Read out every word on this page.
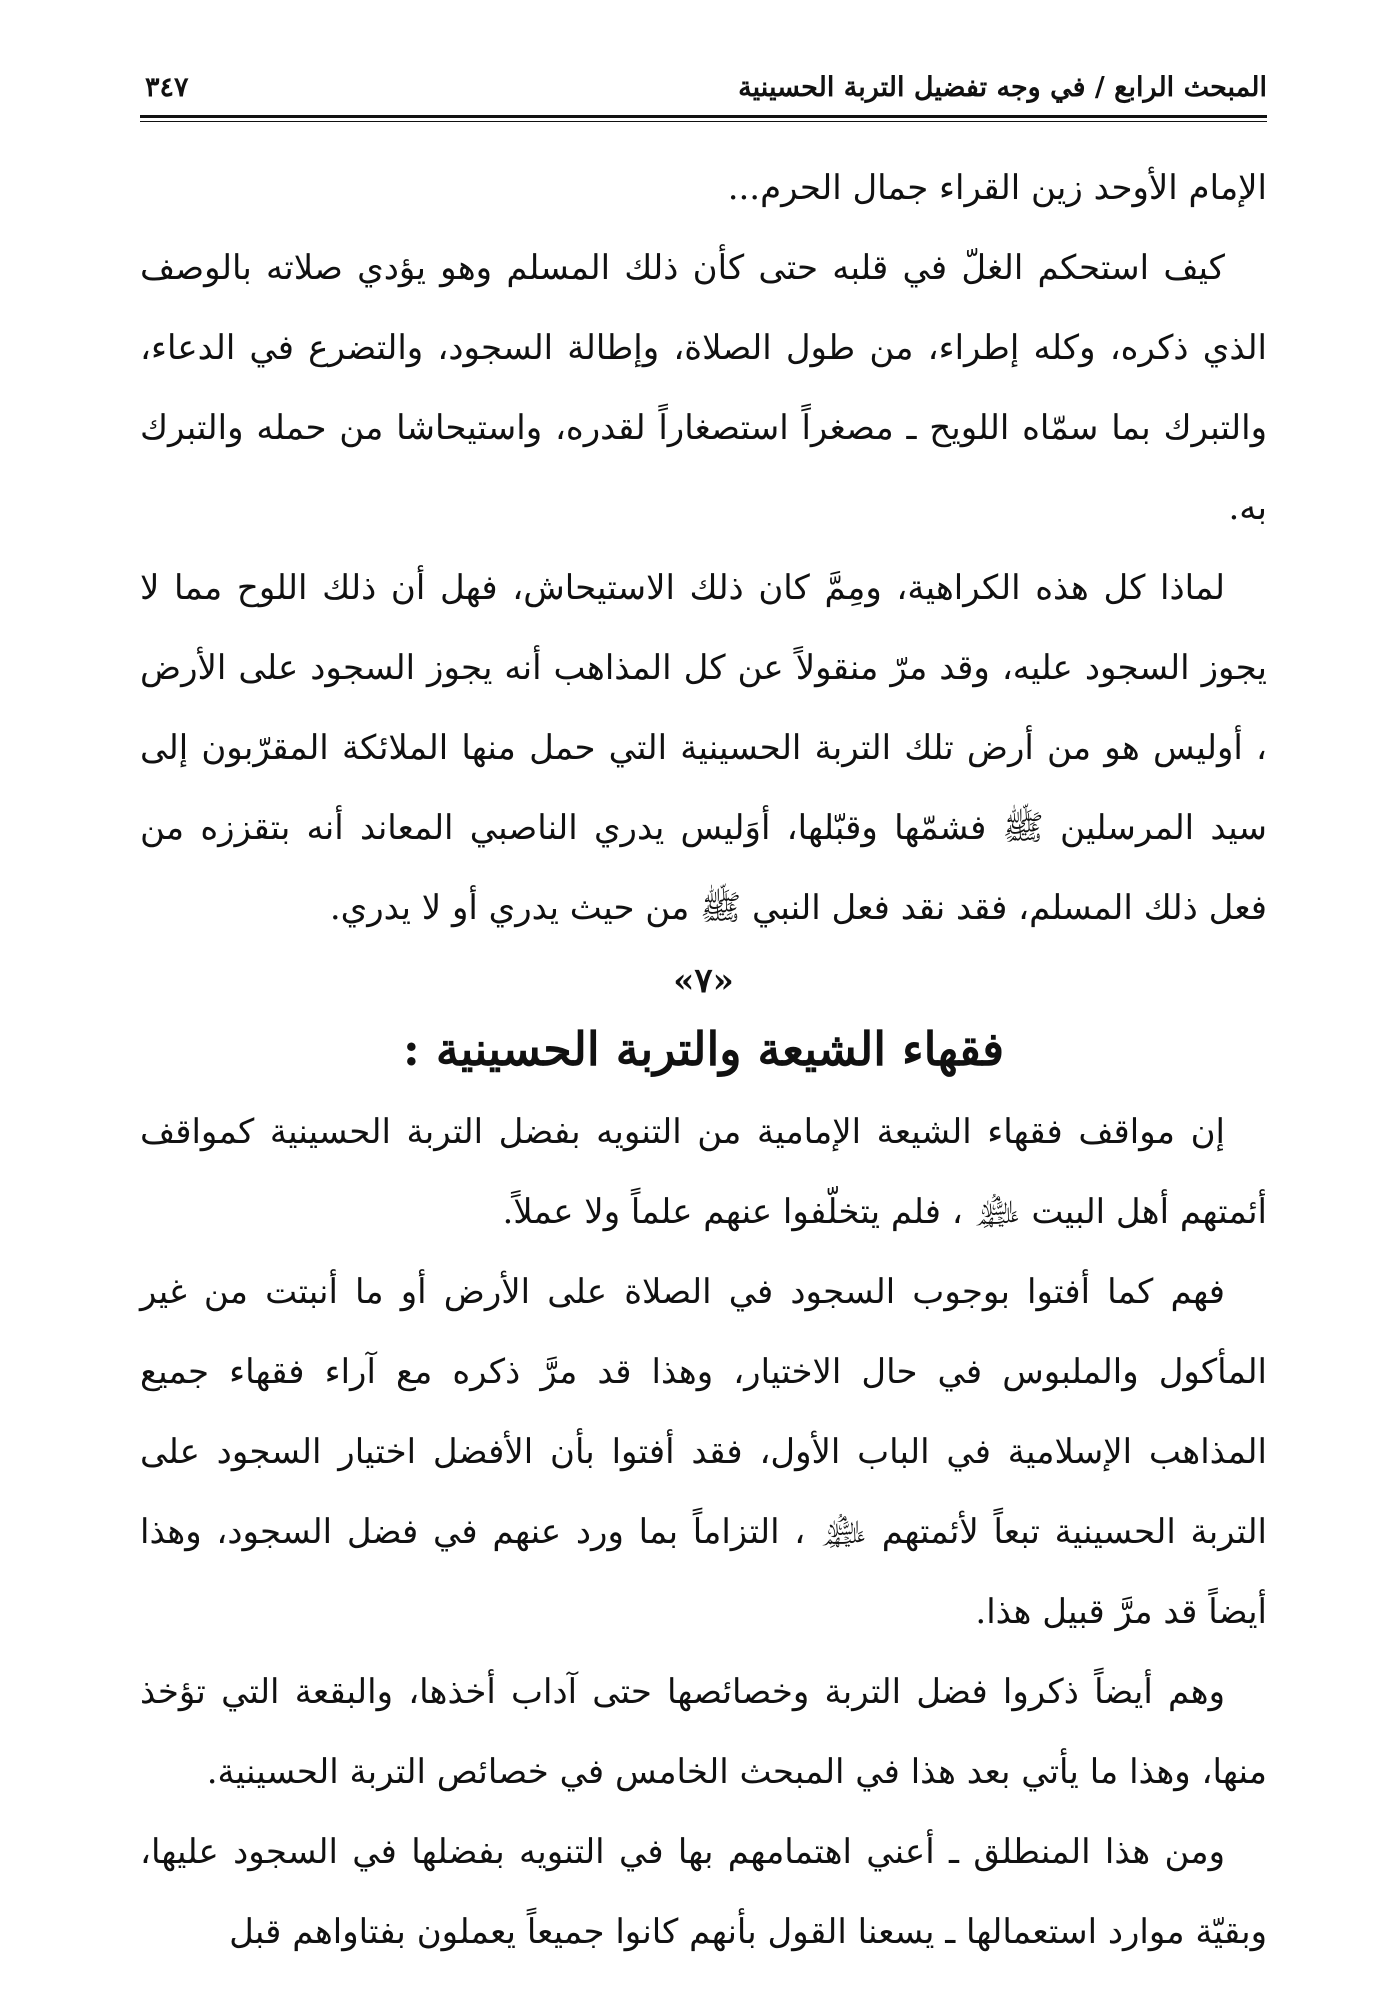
المبحث الرابع / في وجه تفضيل التربة الحسينية
٣٤٧

الإمام الأوحد زين القراء جمال الحرم...

كيف استحكم الغلّ في قلبه حتى كأن ذلك المسلم وهو يؤدي صلاته بالوصف الذي ذكره، وكله إطراء، من طول الصلاة، وإطالة السجود، والتضرع في الدعاء، والتبرك بما سمّاه اللويح ـ مصغراً استصغاراً لقدره، واستيحاشا من حمله والتبرك به.

لماذا كل هذه الكراهية، ومِمَّ كان ذلك الاستيحاش، فهل أن ذلك اللوح مما لا يجوز السجود عليه، وقد مرّ منقولاً عن كل المذاهب أنه يجوز السجود على الأرض ، أوليس هو من أرض تلك التربة الحسينية التي حمل منها الملائكة المقرّبون إلى سيد المرسلين ﷺ فشمّها وقبّلها، أوَليس يدري الناصبي المعاند أنه بتقززه من فعل ذلك المسلم، فقد نقد فعل النبي ﷺ من حيث يدري أو لا يدري.

«٧»
فقهاء الشيعة والتربة الحسينية :

إن مواقف فقهاء الشيعة الإمامية من التنويه بفضل التربة الحسينية كمواقف أئمتهم أهل البيت ﵈ ، فلم يتخلّفوا عنهم علماً ولا عملاً.

فهم كما أفتوا بوجوب السجود في الصلاة على الأرض أو ما أنبتت من غير المأكول والملبوس في حال الاختيار، وهذا قد مرَّ ذكره مع آراء فقهاء جميع المذاهب الإسلامية في الباب الأول، فقد أفتوا بأن الأفضل اختيار السجود على التربة الحسينية تبعاً لأئمتهم ﵈ ، التزاماً بما ورد عنهم في فضل السجود، وهذا أيضاً قد مرَّ قبيل هذا.

وهم أيضاً ذكروا فضل التربة وخصائصها حتى آداب أخذها، والبقعة التي تؤخذ منها، وهذا ما يأتي بعد هذا في المبحث الخامس في خصائص التربة الحسينية.

ومن هذا المنطلق ـ أعني اهتمامهم بها في التنويه بفضلها في السجود عليها، وبقيّة موارد استعمالها ـ يسعنا القول بأنهم كانوا جميعاً يعملون بفتاواهم قبل
